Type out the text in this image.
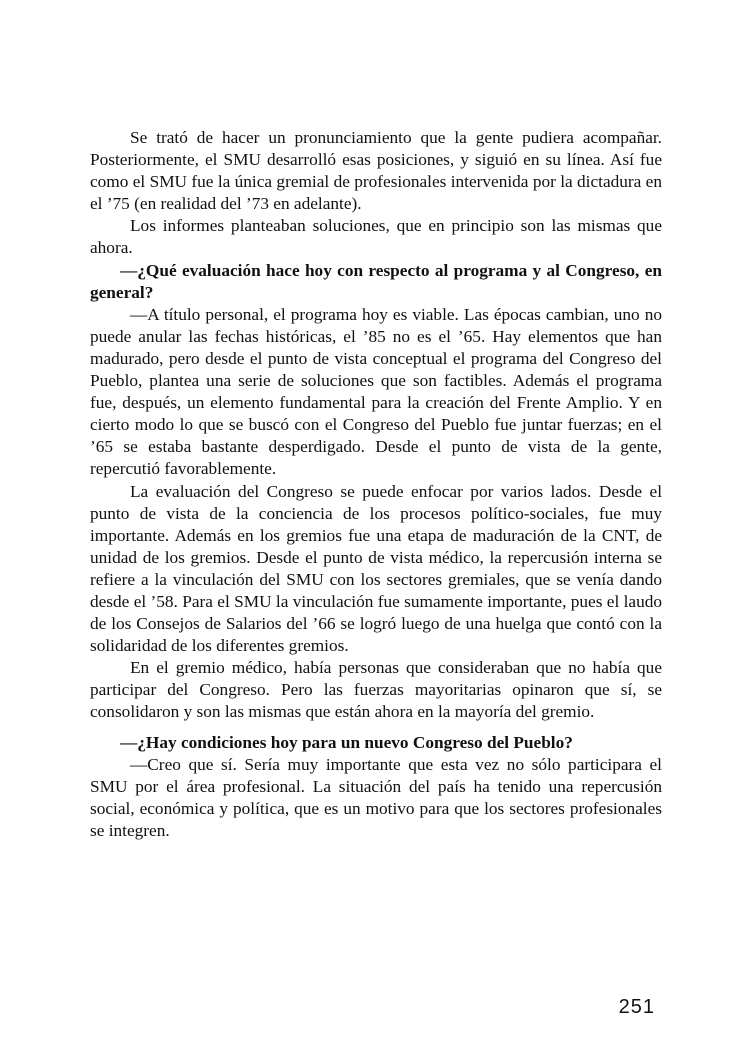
Se trató de hacer un pronunciamiento que la gente pudiera acompañar. Posteriormente, el SMU desarrolló esas posiciones, y siguió en su línea. Así fue como el SMU fue la única gremial de profesionales intervenida por la dictadura en el ’75 (en realidad del ’73 en adelante).

Los informes planteaban soluciones, que en principio son las mismas que ahora.

—¿Qué evaluación hace hoy con respecto al programa y al Congreso, en general?

—A título personal, el programa hoy es viable. Las épocas cambian, uno no puede anular las fechas históricas, el ’85 no es el ’65. Hay elementos que han madurado, pero desde el punto de vista conceptual el programa del Congreso del Pueblo, plantea una serie de soluciones que son factibles. Además el programa fue, después, un elemento fundamental para la creación del Frente Amplio. Y en cierto modo lo que se buscó con el Congreso del Pueblo fue juntar fuerzas; en el ’65 se estaba bastante desperdigado. Desde el punto de vista de la gente, repercutió favorablemente.

La evaluación del Congreso se puede enfocar por varios lados. Desde el punto de vista de la conciencia de los procesos político-sociales, fue muy importante. Además en los gremios fue una etapa de maduración de la CNT, de unidad de los gremios. Desde el punto de vista médico, la repercusión interna se refiere a la vinculación del SMU con los sectores gremiales, que se venía dando desde el ’58. Para el SMU la vinculación fue sumamente importante, pues el laudo de los Consejos de Salarios del ’66 se logró luego de una huelga que contó con la solidaridad de los diferentes gremios.

En el gremio médico, había personas que consideraban que no había que participar del Congreso. Pero las fuerzas mayoritarias opinaron que sí, se consolidaron y son las mismas que están ahora en la mayoría del gremio.

—¿Hay condiciones hoy para un nuevo Congreso del Pueblo?

—Creo que sí. Sería muy importante que esta vez no sólo participara el SMU por el área profesional. La situación del país ha tenido una repercusión social, económica y política, que es un motivo para que los sectores profesionales se integren.

251
